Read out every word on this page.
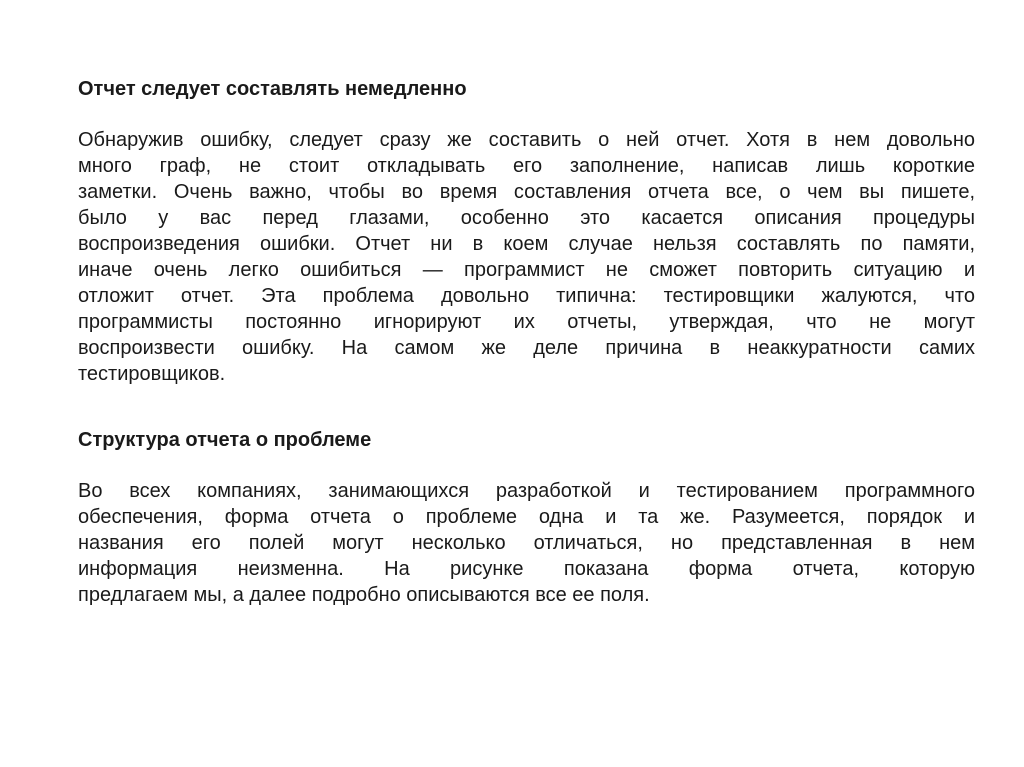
Отчет следует составлять немедленно
Обнаружив ошибку, следует сразу же составить о ней отчет. Хотя в нем довольно
много граф, не стоит откладывать его заполнение, написав лишь короткие
заметки. Очень важно, чтобы во время составления отчета все, о чем вы пишете,
было у вас перед глазами, особенно это касается описания процедуры
воспроизведения ошибки. Отчет ни в коем случае нельзя составлять по памяти,
иначе очень легко ошибиться — программист не сможет повторить ситуацию и
отложит отчет. Эта проблема довольно типична: тестировщики жалуются, что
программисты постоянно игнорируют их отчеты, утверждая, что не могут
воспроизвести ошибку. На самом же деле причина в неаккуратности самих
тестировщиков.
Структура отчета о проблеме
Во всех компаниях, занимающихся разработкой и тестированием программного
обеспечения, форма отчета о проблеме одна и та же. Разумеется, порядок и
названия его полей могут несколько отличаться, но представленная в нем
информация неизменна. На рисунке показана форма отчета, которую
предлагаем мы, а далее подробно описываются все ее поля.
